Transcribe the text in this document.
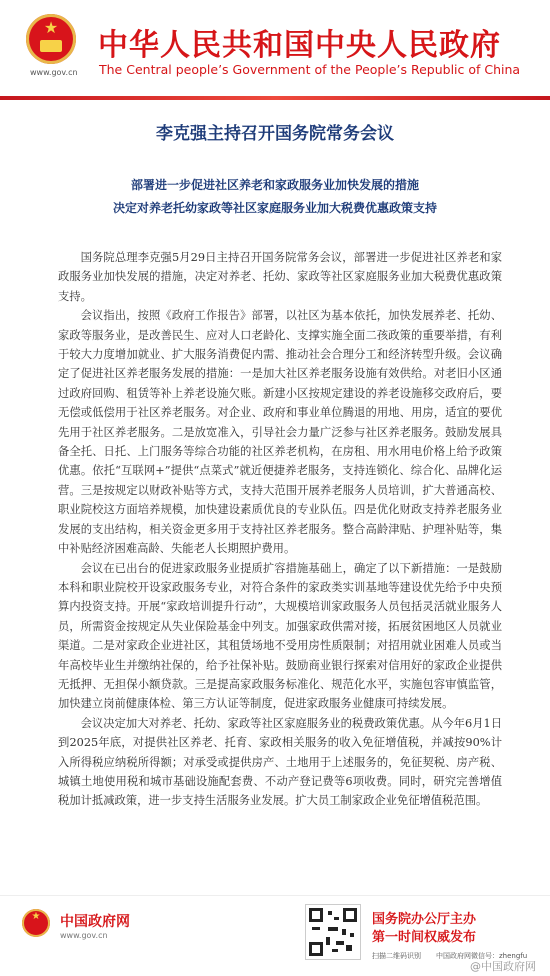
★
www.gov.cn
中华人民共和国中央人民政府
The Central people’s Government of the People’s Republic of China
李克强主持召开国务院常务会议
部署进一步促进社区养老和家政服务业加快发展的措施
决定对养老托幼家政等社区家庭服务业加大税费优惠政策支持

国务院总理李克强5月29日主持召开国务院常务会议，部署进一步促进社区养老和家政服务业加快发展的措施，决定对养老、托幼、家政等社区家庭服务业加大税费优惠政策支持。

会议指出，按照《政府工作报告》部署，以社区为基本依托，加快发展养老、托幼、家政等服务业，是改善民生、应对人口老龄化、支撑实施全面二孩政策的重要举措，有利于较大力度增加就业、扩大服务消费促内需、推动社会合理分工和经济转型升级。会议确定了促进社区养老服务发展的措施：一是加大社区养老服务设施有效供给。对老旧小区通过政府回购、租赁等补上养老设施欠账。新建小区按规定建设的养老设施移交政府后，要无偿或低偿用于社区养老服务。对企业、政府和事业单位腾退的用地、用房，适宜的要优先用于社区养老服务。二是放宽准入，引导社会力量广泛参与社区养老服务。鼓励发展具备全托、日托、上门服务等综合功能的社区养老机构，在房租、用水用电价格上给予政策优惠。依托“互联网+”提供“点菜式”就近便捷养老服务，支持连锁化、综合化、品牌化运营。三是按规定以财政补贴等方式，支持大范围开展养老服务人员培训，扩大普通高校、职业院校这方面培养规模，加快建设素质优良的专业队伍。四是优化财政支持养老服务业发展的支出结构，相关资金更多用于支持社区养老服务。整合高龄津贴、护理补贴等，集中补贴经济困难高龄、失能老人长期照护费用。

会议在已出台的促进家政服务业提质扩容措施基础上，确定了以下新措施：一是鼓励本科和职业院校开设家政服务专业，对符合条件的家政类实训基地等建设优先给予中央预算内投资支持。开展“家政培训提升行动”，大规模培训家政服务人员包括灵活就业服务人员，所需资金按规定从失业保险基金中列支。加强家政供需对接，拓展贫困地区人员就业渠道。二是对家政企业进社区，其租赁场地不受用房性质限制；对招用就业困难人员或当年高校毕业生并缴纳社保的，给予社保补贴。鼓励商业银行探索对信用好的家政企业提供无抵押、无担保小额贷款。三是提高家政服务标准化、规范化水平，实施包容审慎监管，加快建立岗前健康体检、第三方认证等制度，促进家政服务业健康可持续发展。

会议决定加大对养老、托幼、家政等社区家庭服务业的税费政策优惠。从今年6月1日到2025年底，对提供社区养老、托育、家政相关服务的收入免征增值税，并减按90%计入所得税应纳税所得额；对承受或提供房产、土地用于上述服务的，免征契税、房产税、城镇土地使用税和城市基础设施配套费、不动产登记费等6项收费。同时，研究完善增值税加计抵减政策，进一步支持生活服务业发展。扩大员工制家政企业免征增值税范围。

★	中国政府网
www.gov.cn
国务院办公厅主办
第一时间权威发布
扫描二维码识别 中国政府网微信号：zhengfu
@中国政府网
